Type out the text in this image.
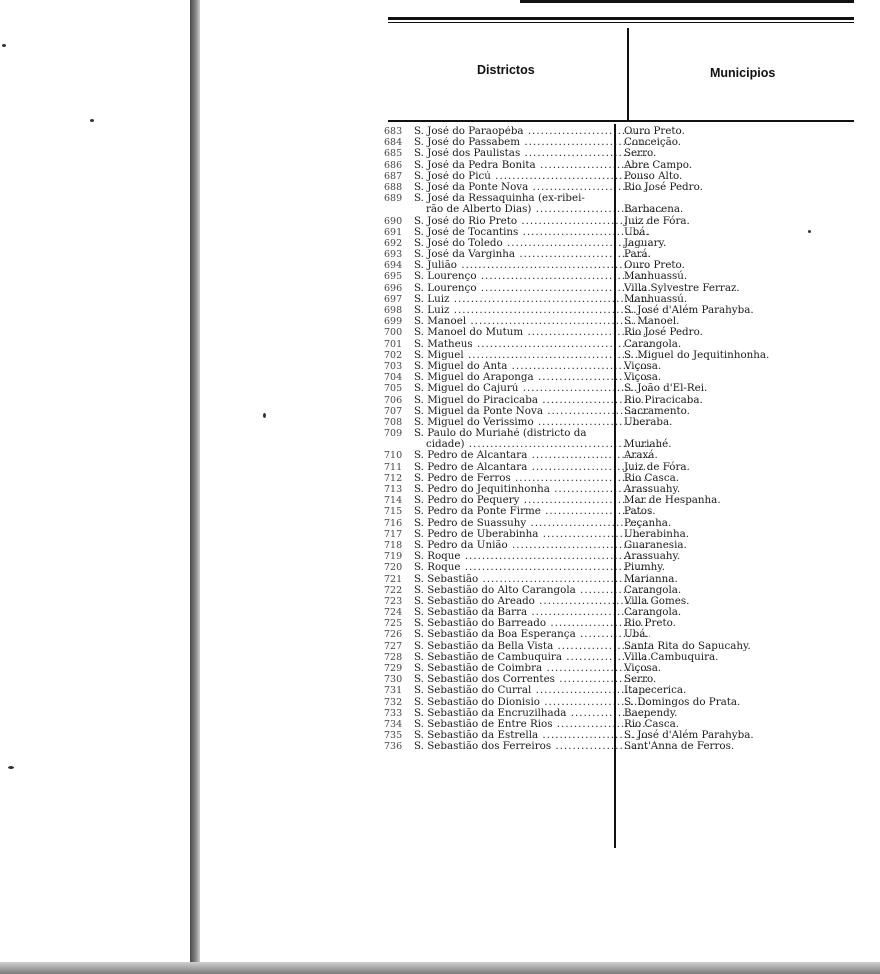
Districtos	Municipios
683 S. José do Paraopéba .....	Ouro Preto.
684 S. José do Passabem .....	Conceição.
685 S. José dos Paulistas .....	Serro.
686 S. José da Pedra Bonita .....	Abre Campo.
687 S. José do Picú .....	Pouso Alto.
688 S. José da Ponte Nova .....	Rio José Pedro.
689 S. José da Ressaquinha (ex-ribei-
rão de Alberto Dias) .....	Barbacena.
690 S. José do Rio Preto .....	Juiz de Fóra.
691 S. José de Tocantins .....	Ubá.
692 S. José do Toledo .....	Jaguary.
693 S. José da Varginha .....	Pará.
694 S. Julião .....	Ouro Preto.
695 S. Lourenço .....	Manhuassú.
696 S. Lourenço .....	Villa Sylvestre Ferraz.
697 S. Luiz .....	Manhuassú.
698 S. Luiz .....	S. José d'Além Parahyba.
699 S. Manoel .....	S. Manoel.
700 S. Manoel do Mutum .....	Rio José Pedro.
701 S. Matheus .....	Carangola.
702 S. Miguel .....	S. Miguel do Jequitinhonha.
703 S. Miguel do Anta .....	Viçosa.
704 S. Miguel do Araponga .....	Viçosa.
705 S. Miguel do Cajurú .....	S. João d'El-Rei.
706 S. Miguel do Piracicaba .....	Rio Piracicaba.
707 S. Miguel da Ponte Nova .....	Sacramento.
708 S. Miguel do Verissimo .....	Uberaba.
709 S. Paulo do Muriahé (districto da
cidade) .....	Muriahé.
710 S. Pedro de Alcantara .....	Araxá.
711 S. Pedro de Alcantara .....	Juiz de Fóra.
712 S. Pedro de Ferros .....	Rio Casca.
713 S. Pedro do Jequitinhonha .....	Arassuahy.
714 S. Pedro do Pequery .....	Mar de Hespanha.
715 S. Pedro da Ponte Firme .....	Patos.
716 S. Pedro de Suassuhy .....	Peçanha.
717 S. Pedro de Uberabinha .....	Uberabinha.
718 S. Pedro da União .....	Guaranesia.
719 S. Roque .....	Arassuahy.
720 S. Roque .....	Piumhy.
721 S. Sebastião .....	Marianna.
722 S. Sebastião do Alto Carangola .....	Carangola.
723 S. Sebastião do Areado .....	Villa Gomes.
724 S. Sebastião da Barra .....	Carangola.
725 S. Sebastião do Barreado .....	Rio Preto.
726 S. Sebastião da Boa Esperança .....	Ubá.
727 S. Sebastião da Bella Vista .....	Santa Rita do Sapucahy.
728 S. Sebastião de Cambuquira .....	Villa Cambuquira.
729 S. Sebastião de Coimbra .....	Viçosa.
730 S. Sebastião dos Correntes .....	Serro.
731 S. Sebastião do Curral .....	Itapecerica.
732 S. Sebastião do Dionisio .....	S. Domingos do Prata.
733 S. Sebastião da Encruzilhada .....	Baependy.
734 S. Sebastião de Entre Rios .....	Rio Casca.
735 S. Sebastião da Estrella .....	S. José d'Além Parahyba.
736 S. Sebastião dos Ferreiros .....	Sant'Anna de Ferros.
